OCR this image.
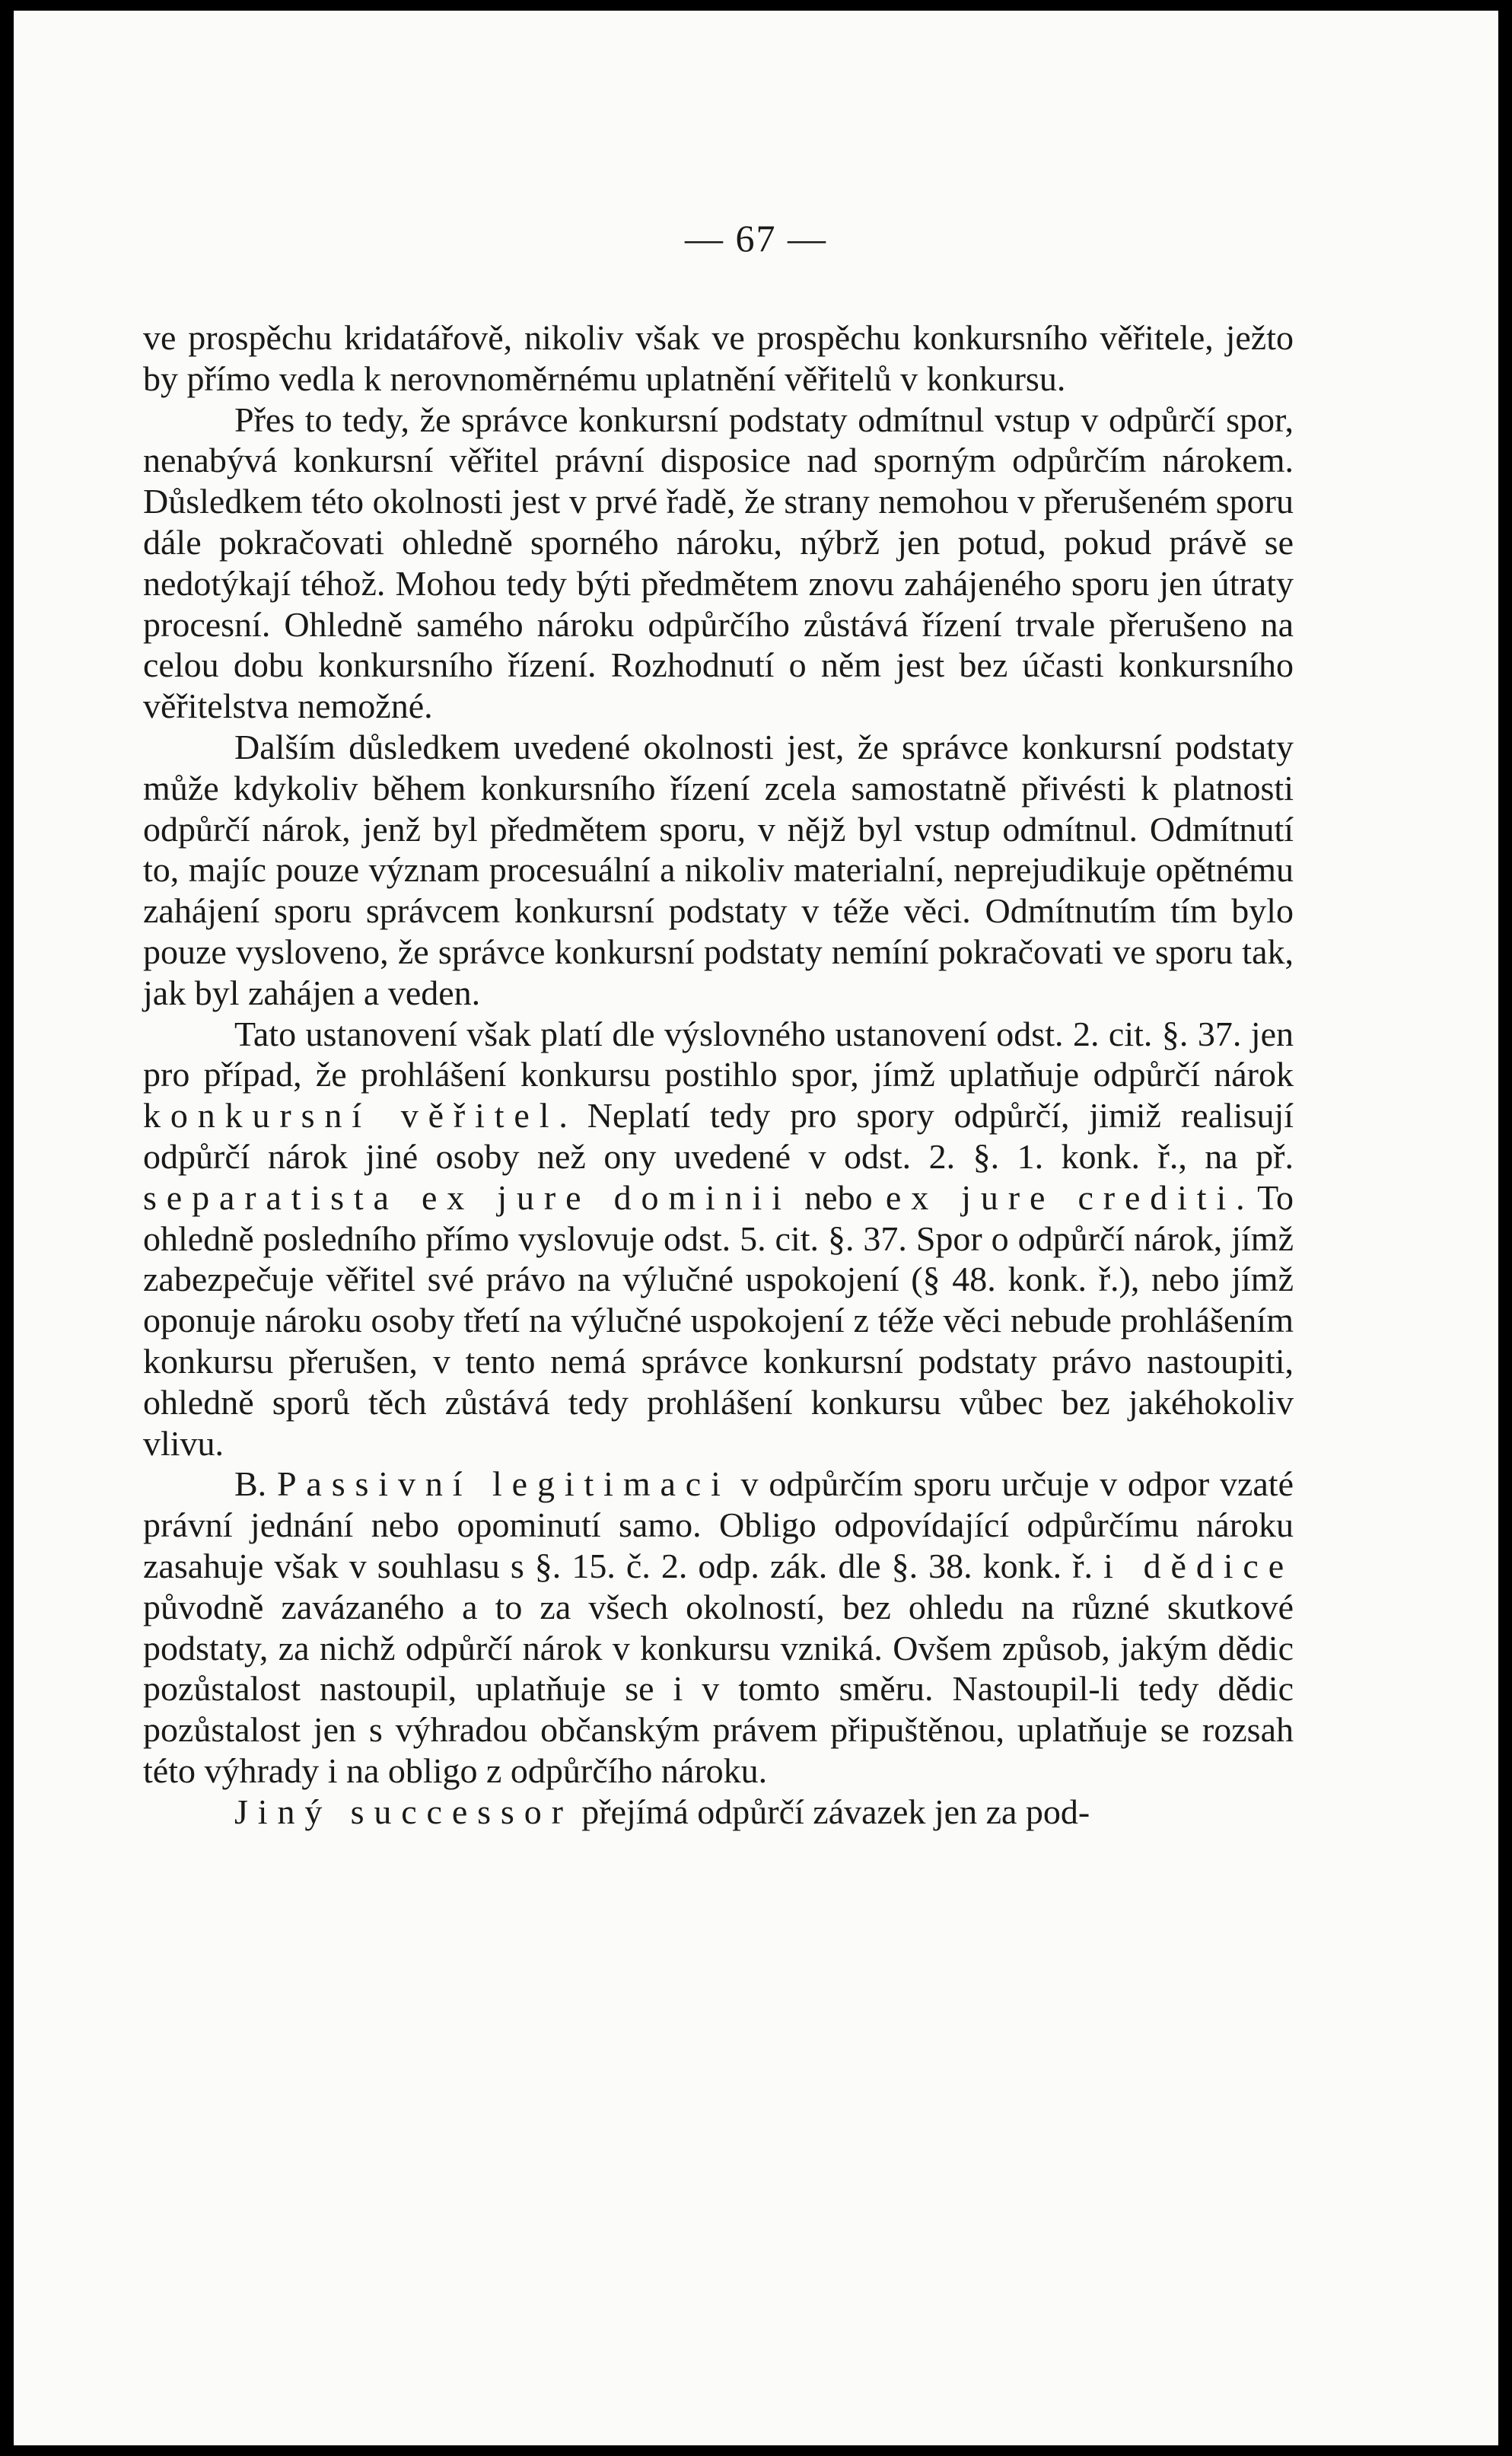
— 67 —

ve prospěchu kridatářově, nikoliv však ve prospěchu konkursního věřitele, ježto by přímo vedla k nerovnoměrnému uplatnění věřitelů v konkursu.

Přes to tedy, že správce konkursní podstaty odmítnul vstup v odpůrčí spor, nenabývá konkursní věřitel právní disposice nad sporným odpůrčím nárokem. Důsledkem této okolnosti jest v prvé řadě, že strany nemohou v přerušeném sporu dále pokračovati ohledně sporného nároku, nýbrž jen potud, pokud právě se nedotýkají téhož. Mohou tedy býti předmětem znovu zahájeného sporu jen útraty procesní. Ohledně samého nároku odpůrčího zůstává řízení trvale přerušeno na celou dobu konkursního řízení. Rozhodnutí o něm jest bez účasti konkursního věřitelstva nemožné.

Dalším důsledkem uvedené okolnosti jest, že správce konkursní podstaty může kdykoliv během konkursního řízení zcela samostatně přivésti k platnosti odpůrčí nárok, jenž byl předmětem sporu, v nějž byl vstup odmítnul. Odmítnutí to, majíc pouze význam procesuální a nikoliv materialní, neprejudikuje opětnému zahájení sporu správcem konkursní podstaty v téže věci. Odmítnutím tím bylo pouze vysloveno, že správce konkursní podstaty nemíní pokračovati ve sporu tak, jak byl zahájen a veden.

Tato ustanovení však platí dle výslovného ustanovení odst. 2. cit. §. 37. jen pro případ, že prohlášení konkursu postihlo spor, jímž uplatňuje odpůrčí nárok konkursní věřitel. Neplatí tedy pro spory odpůrčí, jimiž realisují odpůrčí nárok jiné osoby než ony uvedené v odst. 2. §. 1. konk. ř., na př. separatista ex jure dominii nebo ex jure crediti. To ohledně posledního přímo vyslovuje odst. 5. cit. §. 37. Spor o odpůrčí nárok, jímž zabezpečuje věřitel své právo na výlučné uspokojení (§ 48. konk. ř.), nebo jímž oponuje nároku osoby třetí na výlučné uspokojení z téže věci nebude prohlášením konkursu přerušen, v tento nemá správce konkursní podstaty právo nastoupiti, ohledně sporů těch zůstává tedy prohlášení konkursu vůbec bez jakéhokoliv vlivu.

B. Passivní legitimaci v odpůrčím sporu určuje v odpor vzaté právní jednání nebo opominutí samo. Obligo odpovídající odpůrčímu nároku zasahuje však v souhlasu s §. 15. č. 2. odp. zák. dle §. 38. konk. ř. i dědice původně zavázaného a to za všech okolností, bez ohledu na různé skutkové podstaty, za nichž odpůrčí nárok v konkursu vzniká. Ovšem způsob, jakým dědic pozůstalost nastoupil, uplatňuje se i v tomto směru. Nastoupil-li tedy dědic pozůstalost jen s výhradou občanským právem připuštěnou, uplatňuje se rozsah této výhrady i na obligo z odpůrčího nároku.

Jiný successor přejímá odpůrčí závazek jen za pod-
